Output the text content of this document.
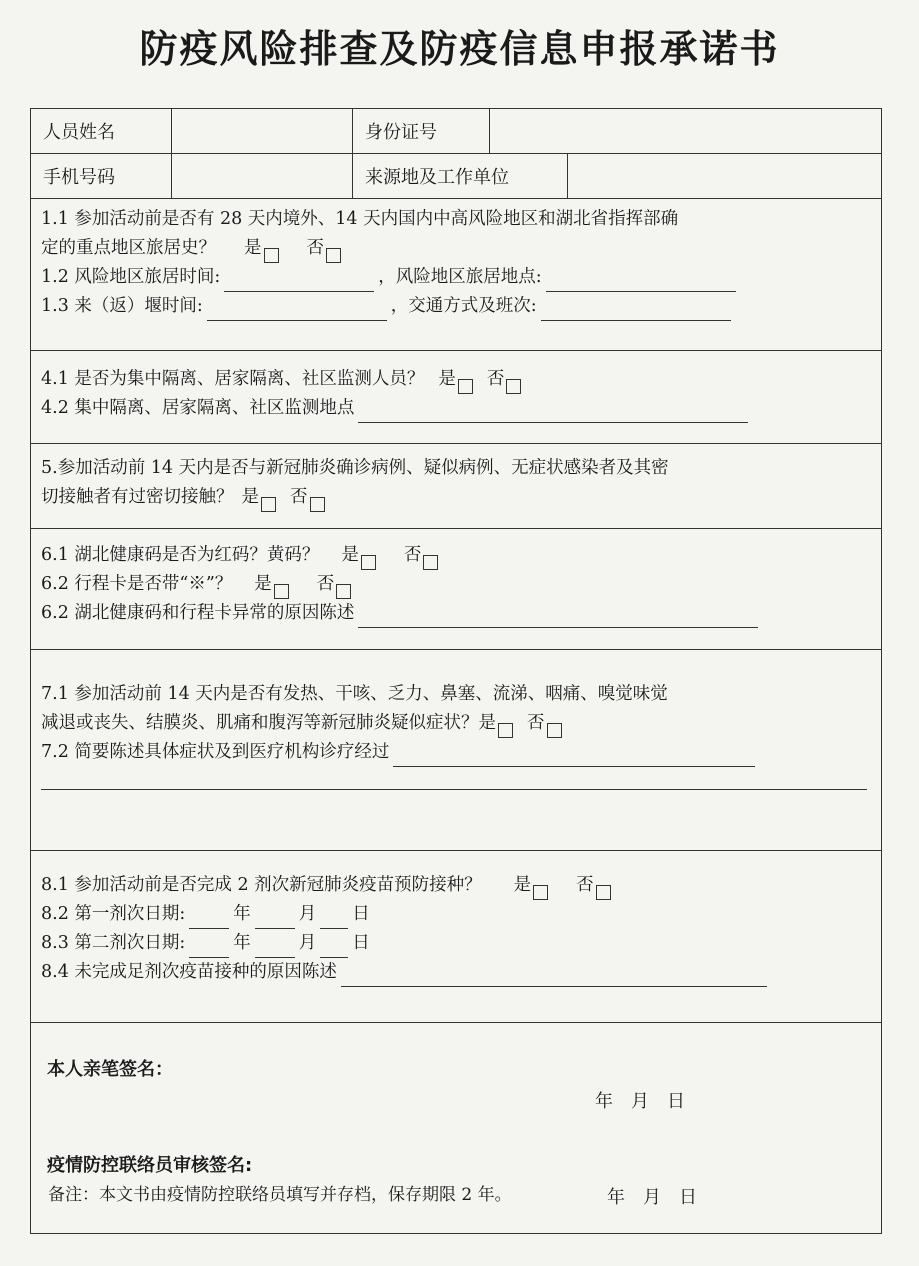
防疫风险排查及防疫信息申报承诺书
人员姓名	身份证号
手机号码	来源地及工作单位
1.1 参加活动前是否有 28 天内境外、14 天内国内中高风险地区和湖北省指挥部确
定的重点地区旅居史？ 是	否
1.2 风险地区旅居时间:	，风险地区旅居地点:
1.3 来（返）堰时间:	，交通方式及班次:
4.1 是否为集中隔离、居家隔离、社区监测人员？ 是 否
4.2 集中隔离、居家隔离、社区监测地点
5.参加活动前 14 天内是否与新冠肺炎确诊病例、疑似病例、无症状感染者及其密
切接触者有过密切接触？ 是 否
6.1 湖北健康码是否为红码？黄码？ 是	否
6.2 行程卡是否带“※”？ 是	否
6.2 湖北健康码和行程卡异常的原因陈述
7.1 参加活动前 14 天内是否有发热、干咳、乏力、鼻塞、流涕、咽痛、嗅觉味觉
减退或丧失、结膜炎、肌痛和腹泻等新冠肺炎疑似症状？ 是 否
7.2 简要陈述具体症状及到医疗机构诊疗经过
8.1 参加活动前是否完成 2 剂次新冠肺炎疫苗预防接种？ 是	否
8.2 第一剂次日期:	年	月 日
8.3 第二剂次日期:	年	月 日
8.4 未完成足剂次疫苗接种的原因陈述
本人亲笔签名：
年月日
疫情防控联络员审核签名:
年月日
备注：本文书由疫情防控联络员填写并存档，保存期限 2 年。
